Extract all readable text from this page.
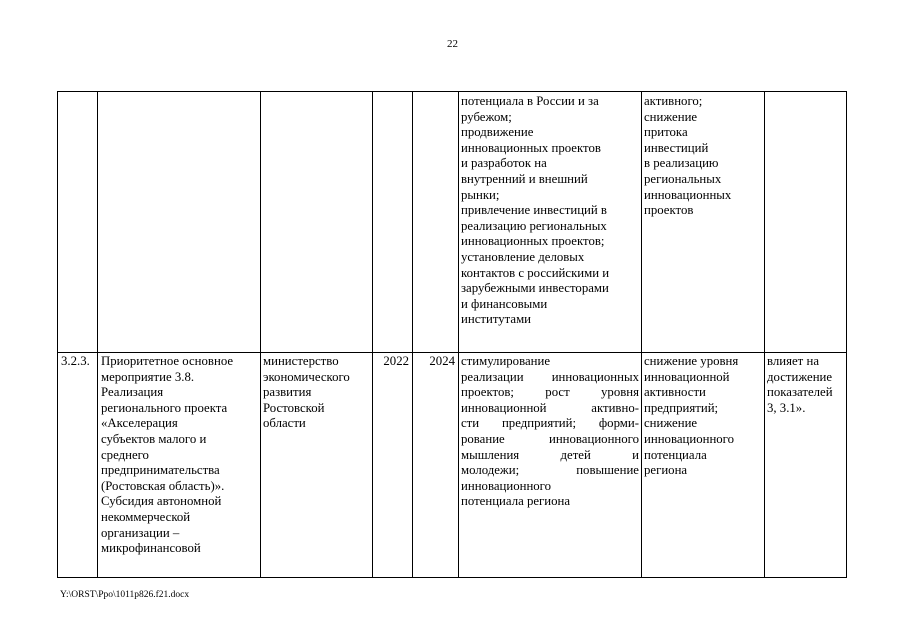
22
потенциала в России и за
рубежом;
продвижение
инновационных проектов
и разработок на
внутренний и внешний
рынки;
привлечение инвестиций в
реализацию региональных
инновационных проектов;
установление деловых
контактов с российскими и
зарубежными инвесторами
и финансовыми
институтами
активного;
снижение
притока
инвестиций
в реализацию
региональных
инновационных
проектов
3.2.3. Приоритетное основное
мероприятие 3.8.
Реализация
регионального проекта
«Акселерация
субъектов малого и
среднего
предпринимательства
(Ростовская область)».
Субсидия автономной
некоммерческой
организации –
микрофинансовой
министерство
экономического
развития
Ростовской
области
2022	2024 стимулирование
реализации инновационных
проектов; рост уровня
инновационной активно-
сти предприятий; форми-
рование инновационного
мышления детей и
молодежи; повышение
инновационного
потенциала региона
снижение уровня
инновационной
активности
предприятий;
снижение
инновационного
потенциала
региона
влияет на
достижение
показателей
3, 3.1».
Y:\ORST\Ppo\1011p826.f21.docx
